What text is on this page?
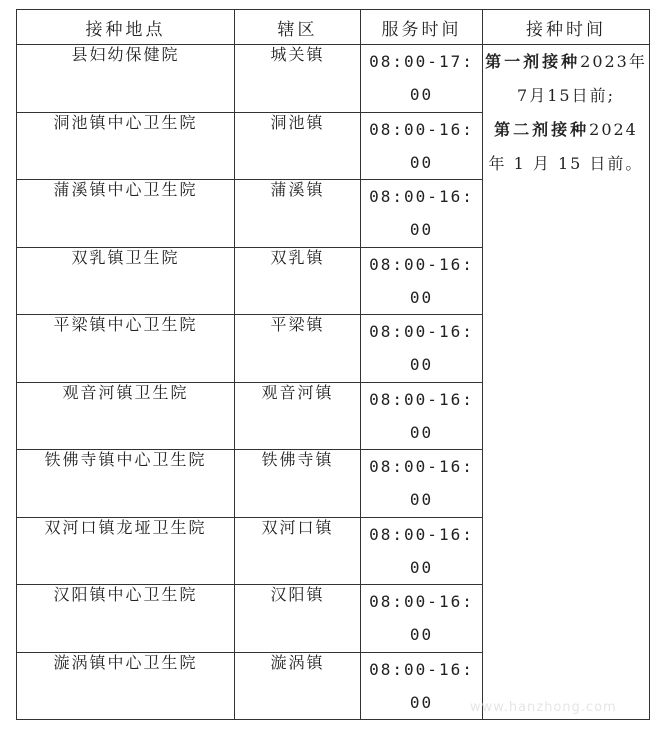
接种地点	辖区	服务时间	接种时间
县妇幼保健院	城关镇	08:00-17:
00	第一剂接种2023年7月15日前;
第二剂接种2024 年 1 月 15 日前。

洞池镇中心卫生院	洞池镇	08:00-16:
00	

蒲溪镇中心卫生院	蒲溪镇	08:00-16:
00	

双乳镇卫生院	双乳镇	08:00-16:
00	

平梁镇中心卫生院	平梁镇	08:00-16:
00	

观音河镇卫生院	观音河镇	08:00-16:
00	

铁佛寺镇中心卫生院	铁佛寺镇	08:00-16:
00	

双河口镇龙垭卫生院	双河口镇	08:00-16:
00	

汉阳镇中心卫生院	汉阳镇	08:00-16:
00	

漩涡镇中心卫生院	漩涡镇	08:00-16:
00		www.hanzhong.com
